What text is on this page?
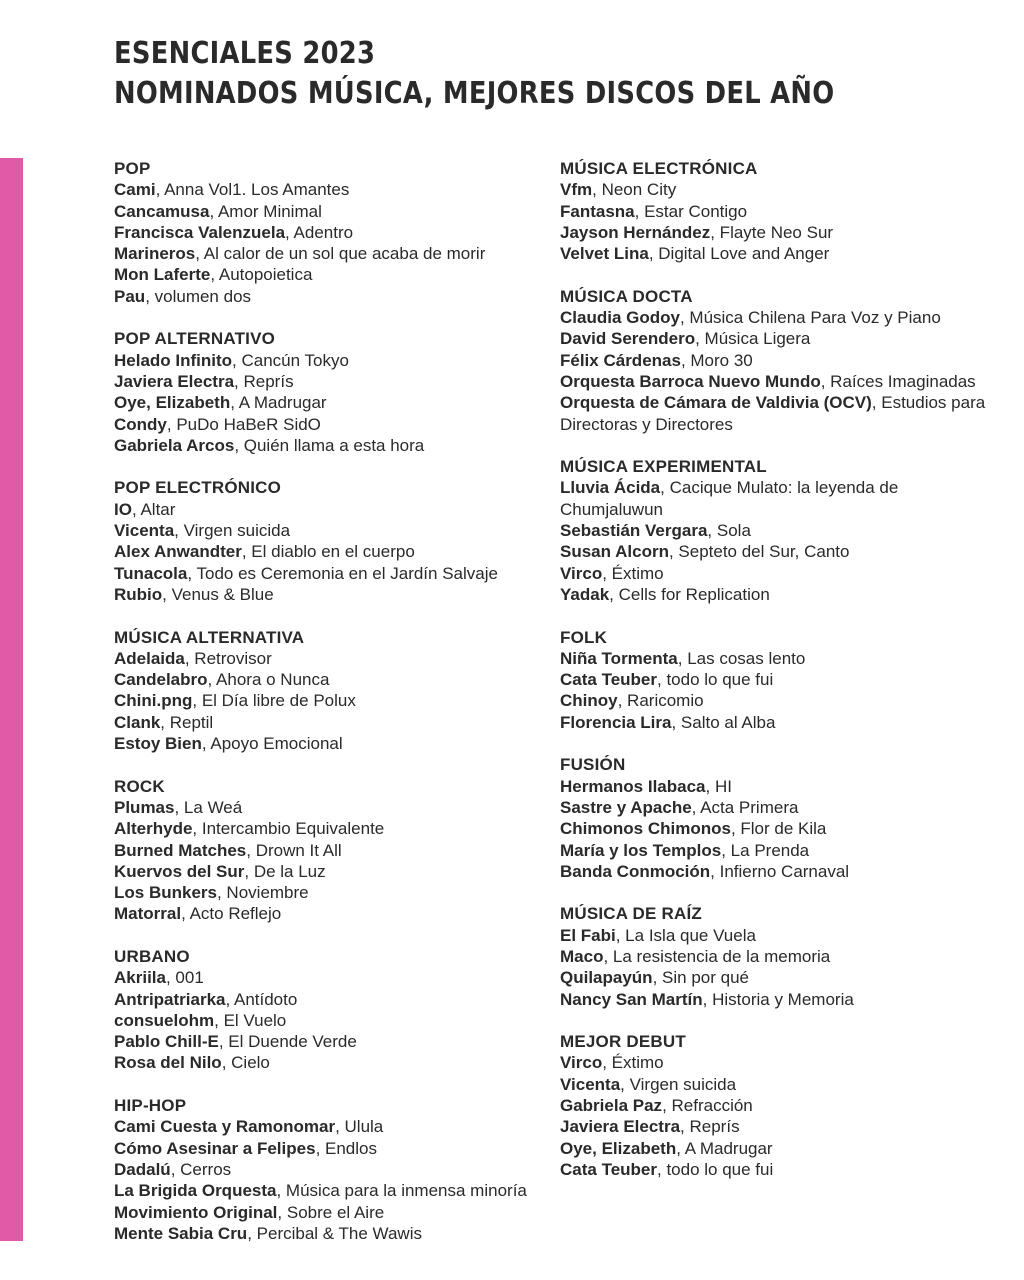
ESENCIALES 2023
NOMINADOS MÚSICA, MEJORES DISCOS DEL AÑO
POP
Cami, Anna Vol1. Los Amantes
Cancamusa, Amor Minimal
Francisca Valenzuela, Adentro
Marineros, Al calor de un sol que acaba de morir
Mon Laferte, Autopoietica
Pau, volumen dos
POP ALTERNATIVO
Helado Infinito, Cancún Tokyo
Javiera Electra, Reprís
Oye, Elizabeth, A Madrugar
Condy, PuDo HaBeR SidO
Gabriela Arcos, Quién llama a esta hora
POP ELECTRÓNICO
IO, Altar
Vicenta, Virgen suicida
Alex Anwandter, El diablo en el cuerpo
Tunacola, Todo es Ceremonia en el Jardín Salvaje
Rubio, Venus & Blue
MÚSICA ALTERNATIVA
Adelaida, Retrovisor
Candelabro, Ahora o Nunca
Chini.png, El Día libre de Polux
Clank, Reptil
Estoy Bien, Apoyo Emocional
ROCK
Plumas, La Weá
Alterhyde, Intercambio Equivalente
Burned Matches, Drown It All
Kuervos del Sur, De la Luz
Los Bunkers, Noviembre
Matorral, Acto Reflejo
URBANO
Akriila, 001
Antripatriarka, Antídoto
consuelohm, El Vuelo
Pablo Chill-E, El Duende Verde
Rosa del Nilo, Cielo
HIP-HOP
Cami Cuesta y Ramonomar, Ulula
Cómo Asesinar a Felipes, Endlos
Dadalú, Cerros
La Brigida Orquesta, Música para la inmensa minoría
Movimiento Original, Sobre el Aire
Mente Sabia Cru, Percibal & The Wawis
MÚSICA ELECTRÓNICA
Vfm, Neon City
Fantasna, Estar Contigo
Jayson Hernández, Flayte Neo Sur
Velvet Lina, Digital Love and Anger
MÚSICA DOCTA
Claudia Godoy, Música Chilena Para Voz y Piano
David Serendero, Música Ligera
Félix Cárdenas, Moro 30
Orquesta Barroca Nuevo Mundo, Raíces Imaginadas
Orquesta de Cámara de Valdivia (OCV), Estudios para Directoras y Directores
MÚSICA EXPERIMENTAL
Lluvia Ácida, Cacique Mulato: la leyenda de Chumjaluwun
Sebastián Vergara, Sola
Susan Alcorn, Septeto del Sur, Canto
Virco, Éxtimo
Yadak, Cells for Replication
FOLK
Niña Tormenta, Las cosas lento
Cata Teuber, todo lo que fui
Chinoy, Raricomio
Florencia Lira, Salto al Alba
FUSIÓN
Hermanos Ilabaca, HI
Sastre y Apache, Acta Primera
Chimonos Chimonos, Flor de Kila
María y los Templos, La Prenda
Banda Conmoción, Infierno Carnaval
MÚSICA DE RAÍZ
El Fabi, La Isla que Vuela
Maco, La resistencia de la memoria
Quilapayún, Sin por qué
Nancy San Martín, Historia y Memoria
MEJOR DEBUT
Virco, Éxtimo
Vicenta, Virgen suicida
Gabriela Paz, Refracción
Javiera Electra, Reprís
Oye, Elizabeth, A Madrugar
Cata Teuber, todo lo que fui
